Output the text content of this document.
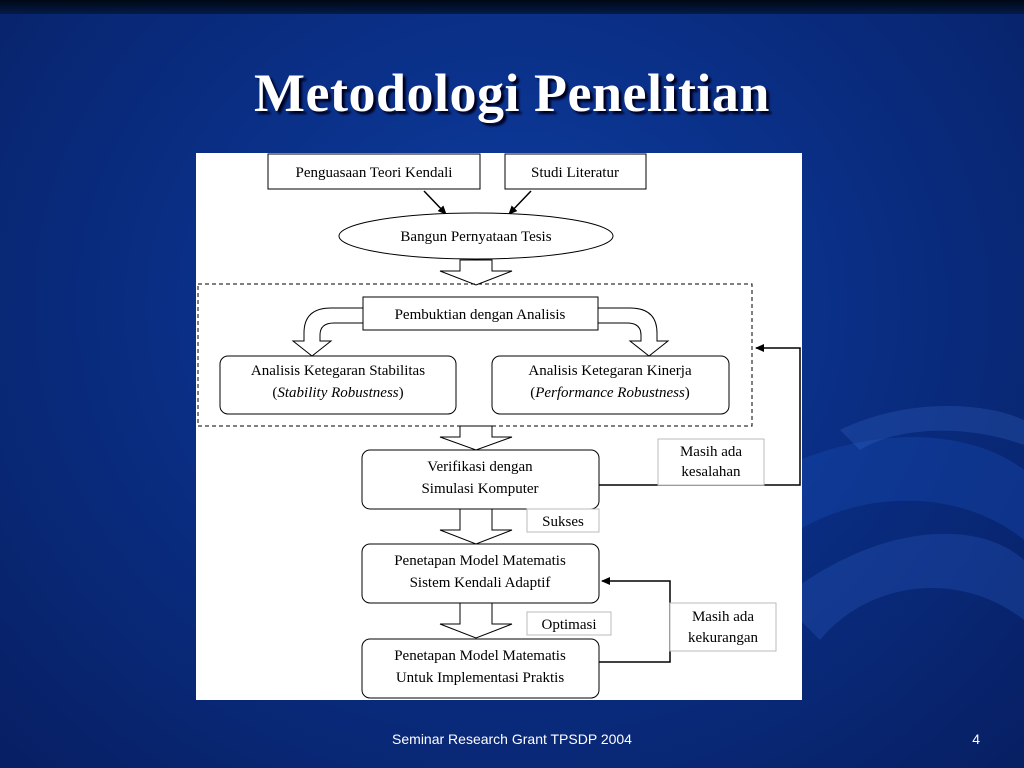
Metodologi Penelitian
Penguasaan Teori Kendali	Studi Literatur
Bangun Pernyataan Tesis
Pembuktian dengan Analisis
Analisis Ketegaran Stabilitas
(Stability Robustness)
Analisis Ketegaran Kinerja
(Performance Robustness)
Verifikasi dengan
Simulasi Komputer
Masih ada
kesalahan
Sukses
Penetapan Model Matematis
Sistem Kendali Adaptif
Optimasi
Penetapan Model Matematis
Untuk Implementasi Praktis
Masih ada
kekurangan
Seminar Research Grant TPSDP 2004	4
